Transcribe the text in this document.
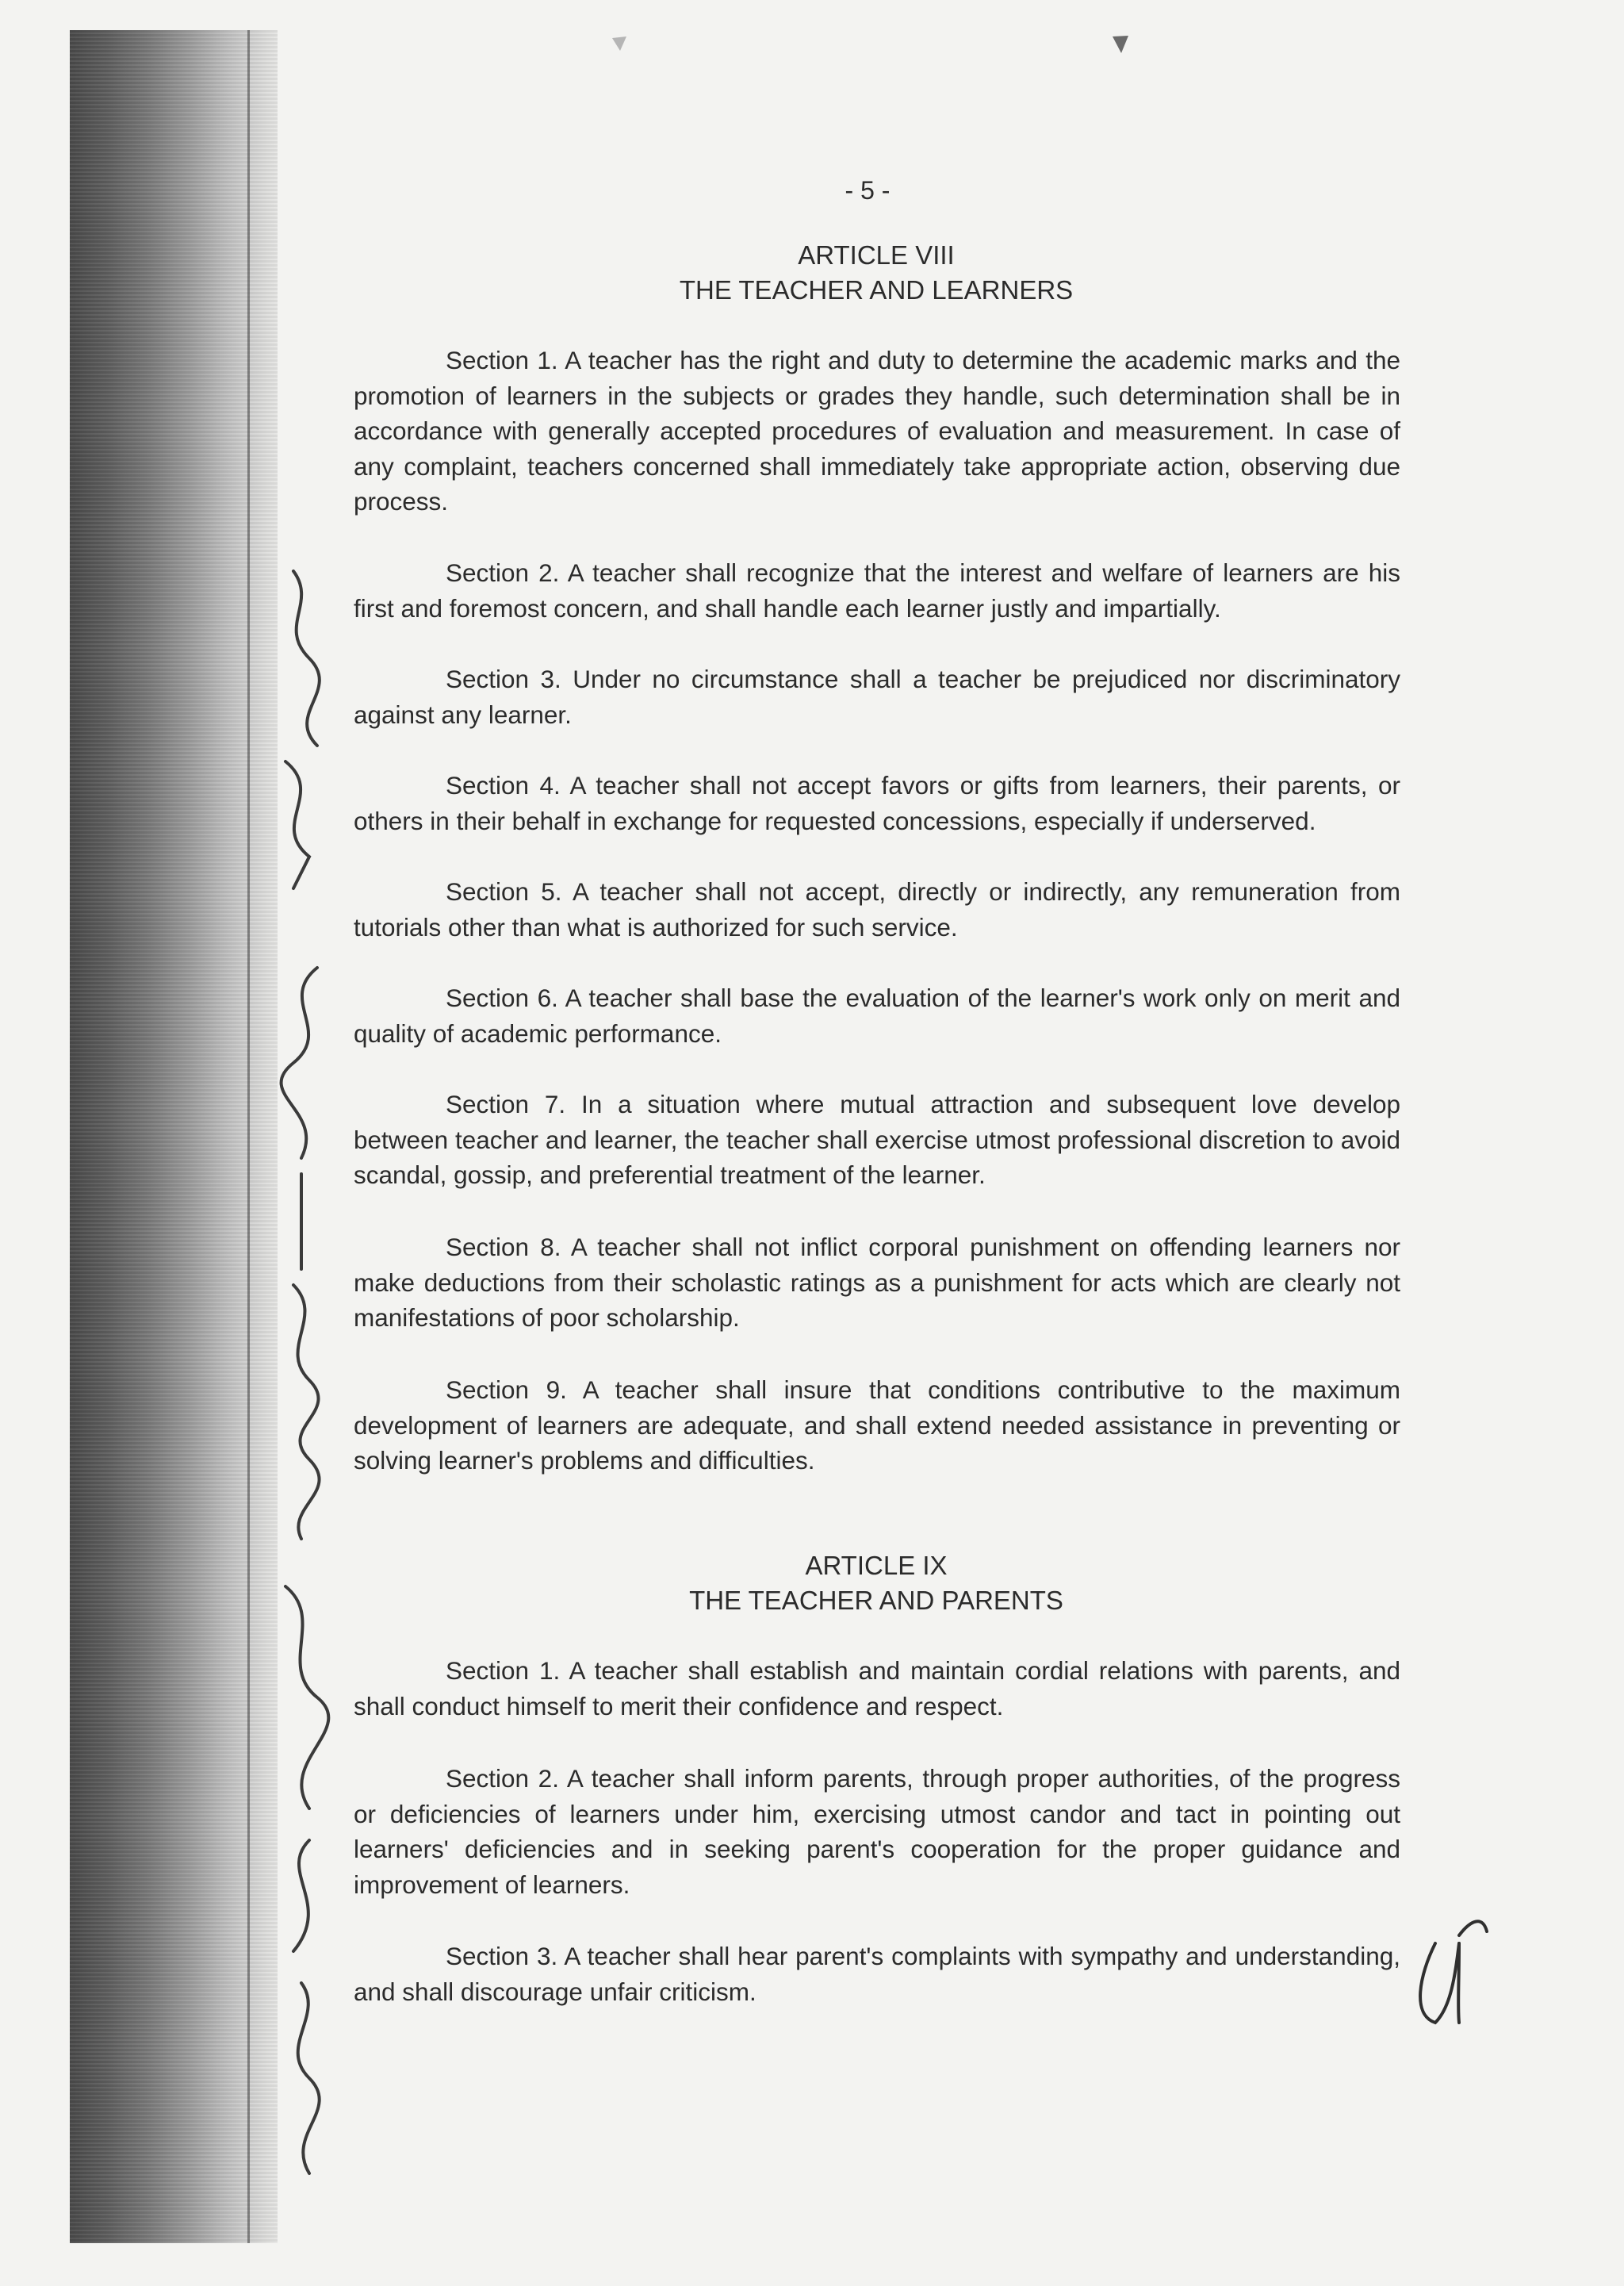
- 5 -
ARTICLE VIII
THE TEACHER AND LEARNERS

Section 1. A teacher has the right and duty to determine the academic marks and the promotion of learners in the subjects or grades they handle, such determination shall be in accordance with generally accepted procedures of evaluation and measurement. In case of any complaint, teachers concerned shall immediately take appropriate action, observing due process.

Section 2. A teacher shall recognize that the interest and welfare of learners are his first and foremost concern, and shall handle each learner justly and impartially.

Section 3. Under no circumstance shall a teacher be prejudiced nor discriminatory against any learner.

Section 4. A teacher shall not accept favors or gifts from learners, their parents, or others in their behalf in exchange for requested concessions, especially if underserved.

Section 5. A teacher shall not accept, directly or indirectly, any remuneration from tutorials other than what is authorized for such service.

Section 6. A teacher shall base the evaluation of the learner's work only on merit and quality of academic performance.

Section 7. In a situation where mutual attraction and subsequent love develop between teacher and learner, the teacher shall exercise utmost professional discretion to avoid scandal, gossip, and preferential treatment of the learner.

Section 8. A teacher shall not inflict corporal punishment on offending learners nor make deductions from their scholastic ratings as a punishment for acts which are clearly not manifestations of poor scholarship.

Section 9. A teacher shall insure that conditions contributive to the maximum development of learners are adequate, and shall extend needed assistance in preventing or solving learner's problems and difficulties.

ARTICLE IX
THE TEACHER AND PARENTS

Section 1. A teacher shall establish and maintain cordial relations with parents, and shall conduct himself to merit their confidence and respect.

Section 2. A teacher shall inform parents, through proper authorities, of the progress or deficiencies of learners under him, exercising utmost candor and tact in pointing out learners' deficiencies and in seeking parent's cooperation for the proper guidance and improvement of learners.

Section 3. A teacher shall hear parent's complaints with sympathy and understanding, and shall discourage unfair criticism.
